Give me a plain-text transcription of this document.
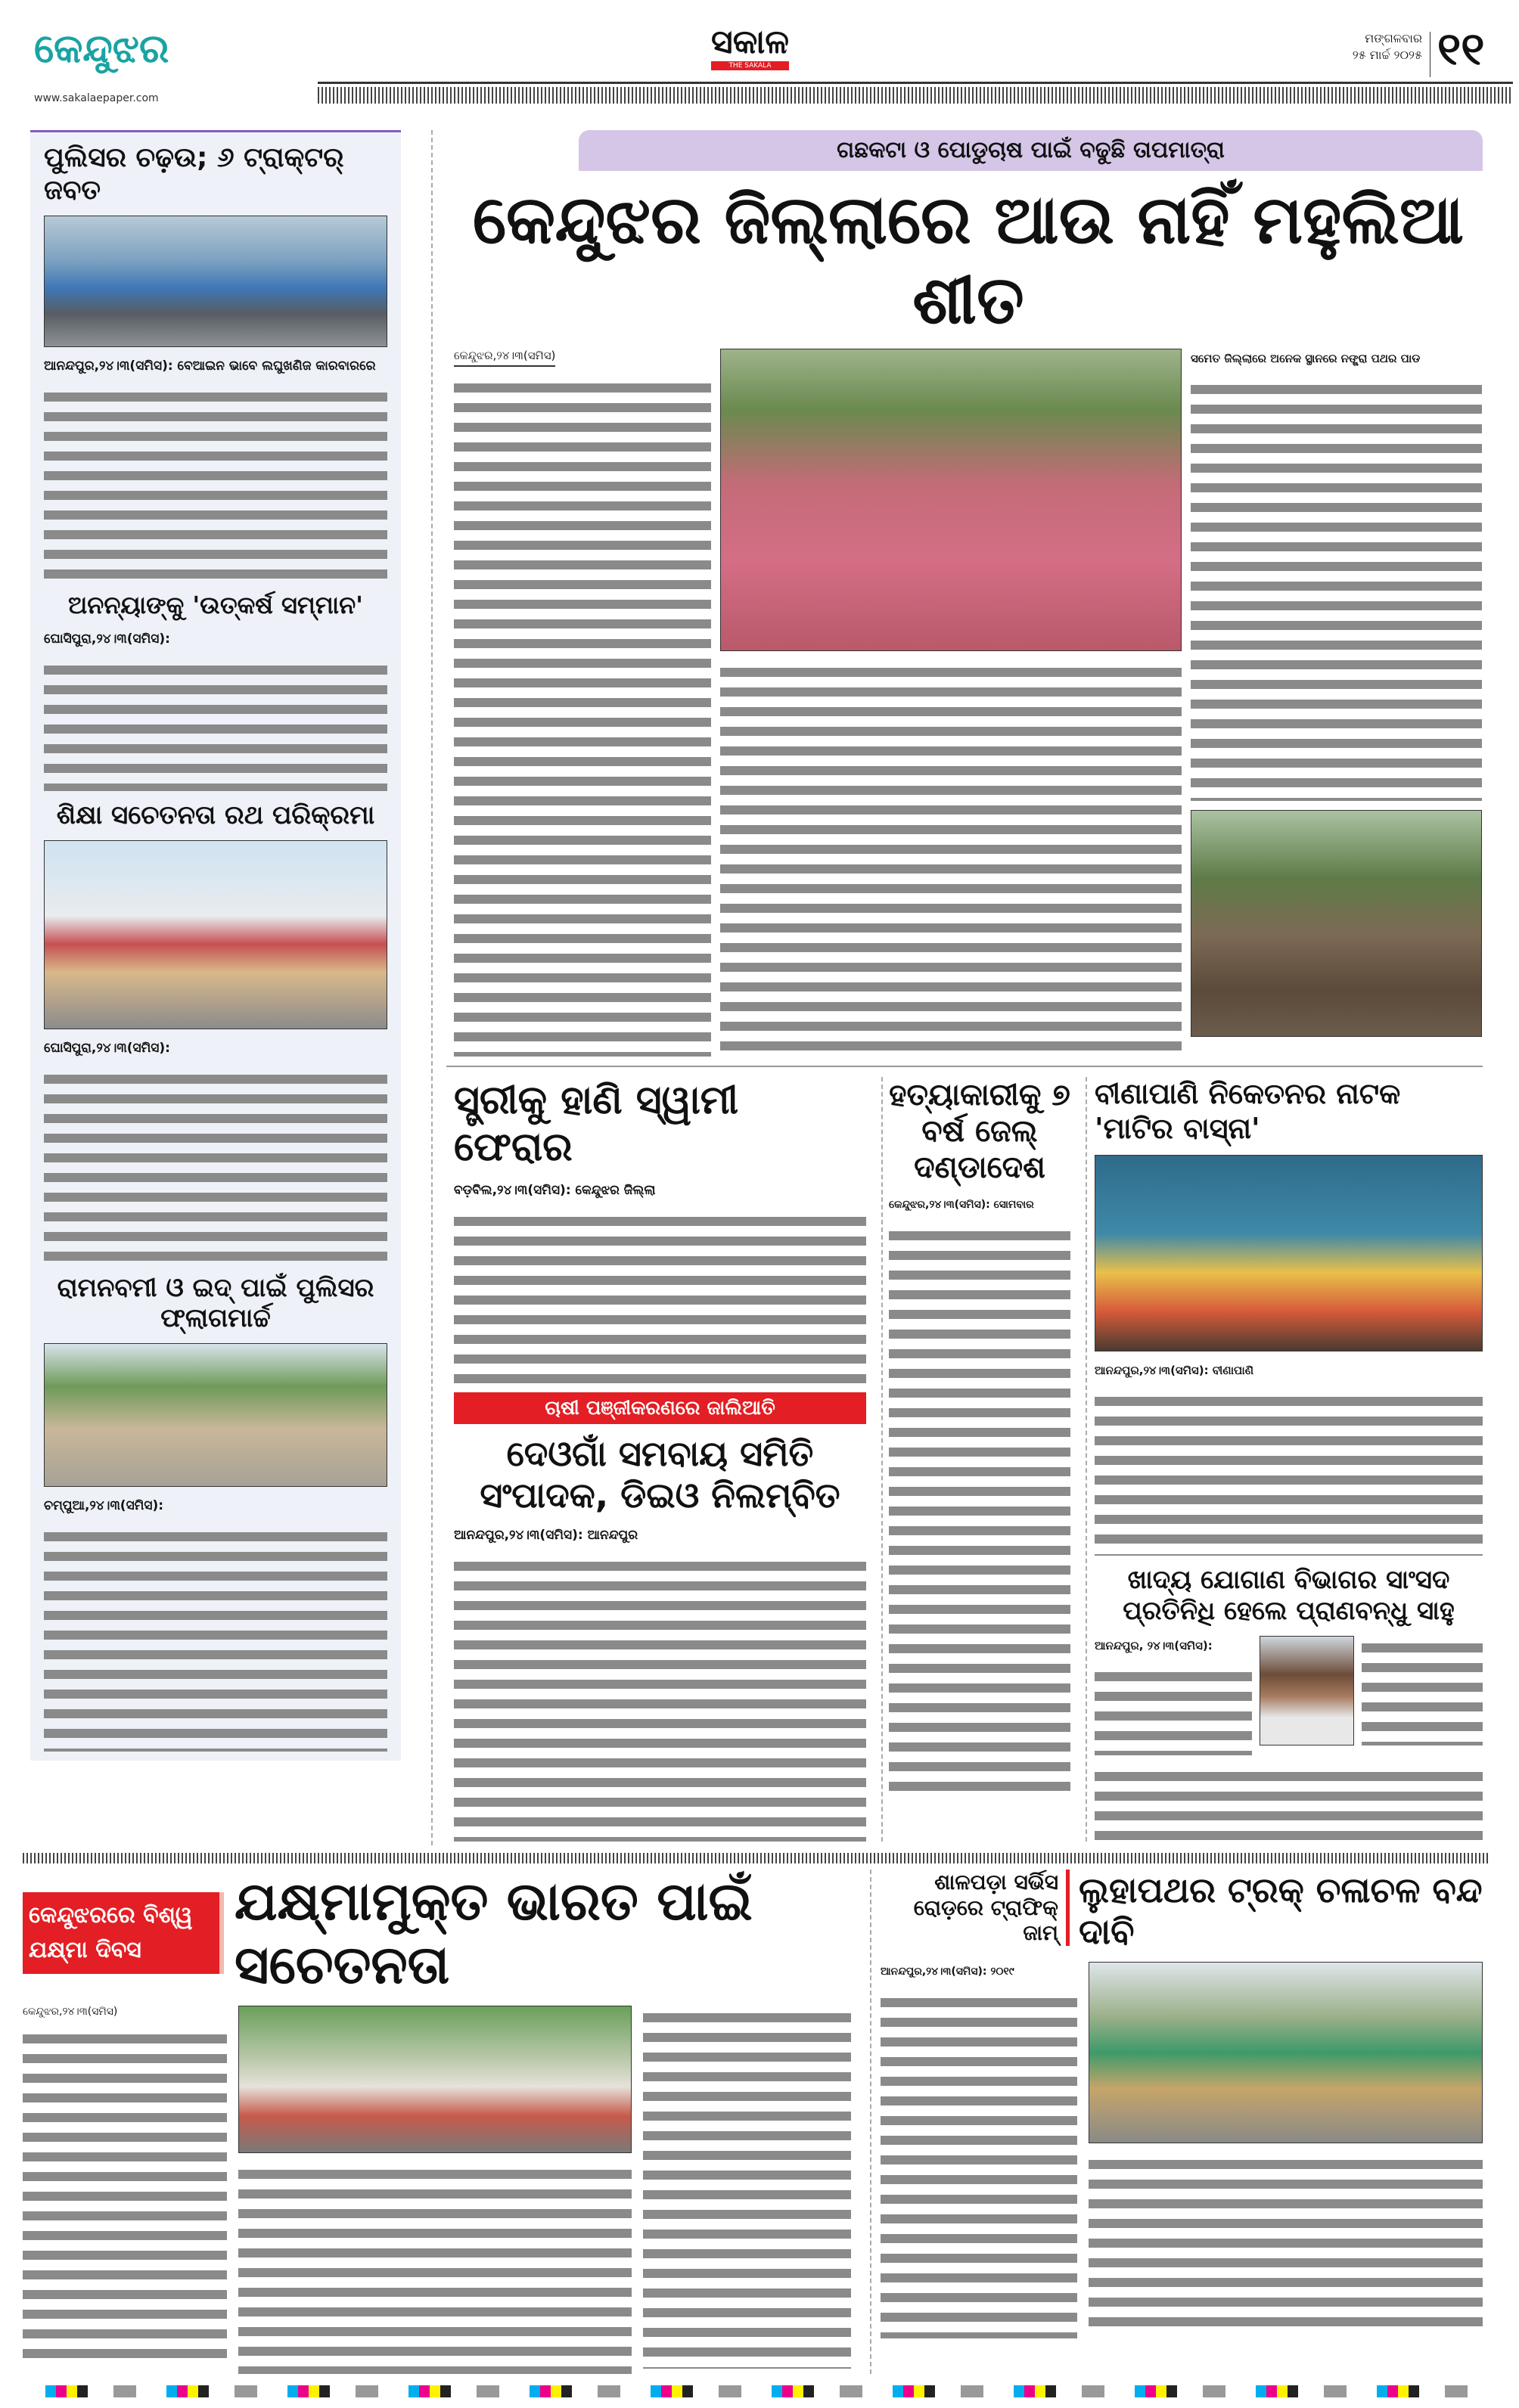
କେନ୍ଦୁଝର
www.sakalaepaper.com
ସକାଳ
THE SAKALA
ମଙ୍ଗଳବାର
୨୫ ମାର୍ଚ୍ଚ ୨୦୨୫ ୧୧
ପୁଲିସର ଚଢ଼ଉ; ୬ ଟ୍ରାକ୍ଟର୍ ଜବତ
ଆନନ୍ଦପୁର,୨୪।୩(ସମିସ): ବେଆଇନ ଭାବେ ଲଘୁଖଣିଜ କାରବାରରେ
ଅନନ୍ୟାଙ୍କୁ 'ଉତ୍କର୍ଷ ସମ୍ମାନ'
ଘୋସିପୁରା,୨୪।୩(ସମିସ):
ଶିକ୍ଷା ସଚେତନତା ରଥ ପରିକ୍ରମା
ଘୋସିପୁରା,୨୪।୩(ସମିସ):
ରାମନବମୀ ଓ ଇଦ୍ ପାଇଁ ପୁଲିସର ଫ୍ଲାଗମାର୍ଚ୍ଚ
ଚମ୍ପୁଆ,୨୪।୩(ସମିସ):
ଗଛକଟା ଓ ପୋଡୁଚାଷ ପାଇଁ ବଢୁଛି ତାପମାତ୍ରା
କେନ୍ଦୁଝର ଜିଲ୍ଲାରେ ଆଉ ନାହିଁ ମହୁଲିଆ ଶୀତ
କେନ୍ଦୁଝର,୨୪।୩(ସମିସ)	ସମେତ ଜିଲ୍ଲାରେ ଅନେକ ସ୍ଥାନରେ ନଙ୍ଗ୍ରା ପଥର ପାଡ
ସ୍ତ୍ରୀକୁ ହାଣି ସ୍ୱାମୀ ଫେରାର
ବଡ଼ବିଲ,୨୪।୩(ସମିସ): କେନ୍ଦୁଝର ଜିଲ୍ଲା
ଚାଷୀ ପଞ୍ଜୀକରଣରେ ଜାଲିଆତି
ଦେଓଗାଁ ସମବାୟ ସମିତି ସଂପାଦକ, ଡିଇଓ ନିଲମ୍ବିତ
ଆନନ୍ଦପୁର,୨୪।୩(ସମିସ): ଆନନ୍ଦପୁର
ହତ୍ୟାକାରୀକୁ ୭ ବର୍ଷ ଜେଲ୍ ଦଣ୍ଡାଦେଶ
କେନ୍ଦୁଝର,୨୪।୩(ସମିସ): ସୋମବାର
ବୀଣାପାଣି ନିକେତନର ନାଟକ 'ମାଟିର ବାସ୍ନା'
ଆନନ୍ଦପୁର,୨୪।୩(ସମିସ): ବୀଣାପାଣି
ଖାଦ୍ୟ ଯୋଗାଣ ବିଭାଗର ସାଂସଦ ପ୍ରତିନିଧି ହେଲେ ପ୍ରାଣବନ୍ଧୁ ସାହୁ
ଆନନ୍ଦପୁର, ୨୪।୩(ସମିସ):
କେନ୍ଦୁଝରରେ ବିଶ୍ୱ ଯକ୍ଷ୍ମା ଦିବସ
ଯକ୍ଷ୍ମାମୁକ୍ତ ଭାରତ ପାଇଁ ସଚେତନତା
କେନ୍ଦୁଝର,୨୪।୩(ସମିସ)
ଶାଳପଡ଼ା ସର୍ଭିସ ରୋଡ଼ରେ ଟ୍ରାଫିକ୍ ଜାମ୍
ଲୁହାପଥର ଟ୍ରକ୍ ଚଳାଚଳ ବନ୍ଦ ଦାବି
ଆନନ୍ଦପୁର,୨୪।୩(ସମିସ): ୨୦୧୯
